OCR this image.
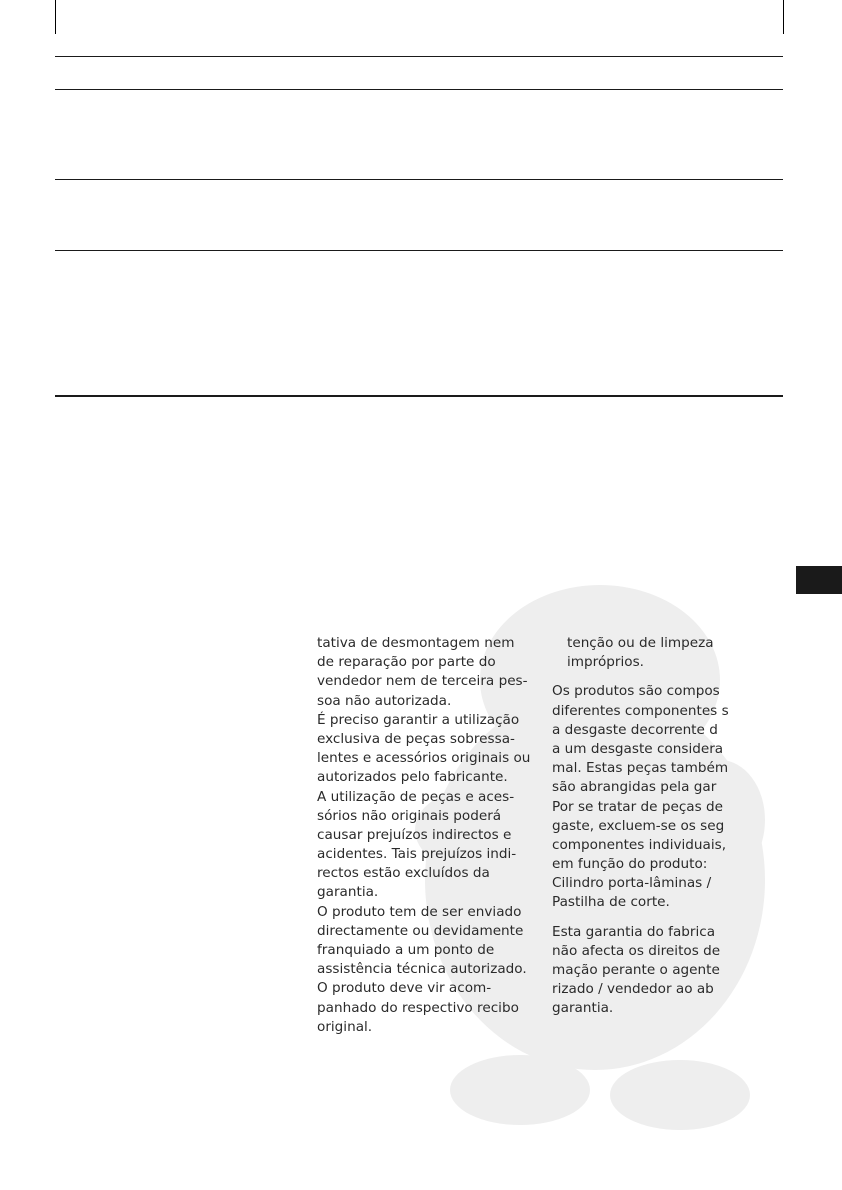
tativa de desmontagem nem
de reparação por parte do
vendedor nem de terceira pes-
soa não autorizada.
É preciso garantir a utilização
exclusiva de peças sobressa-
lentes e acessórios originais ou
autorizados pelo fabricante.
A utilização de peças e aces-
sórios não originais poderá
causar prejuízos indirectos e
acidentes. Tais prejuízos indi-
rectos estão excluídos da
garantia.
O produto tem de ser enviado
directamente ou devidamente
franquiado a um ponto de
assistência técnica autorizado.
O produto deve vir acom-
panhado do respectivo recibo
original.
tenção ou de limpeza
impróprios.
Os produtos são compos
diferentes componentes s
a desgaste decorrente d
a um desgaste considera
mal. Estas peças também
são abrangidas pela gar
Por se tratar de peças de
gaste, excluem-se os seg
componentes individuais,
em função do produto:
Cilindro porta-lâminas /
Pastilha de corte.
Esta garantia do fabrica
não afecta os direitos de
mação perante o agente
rizado / vendedor ao ab
garantia.
